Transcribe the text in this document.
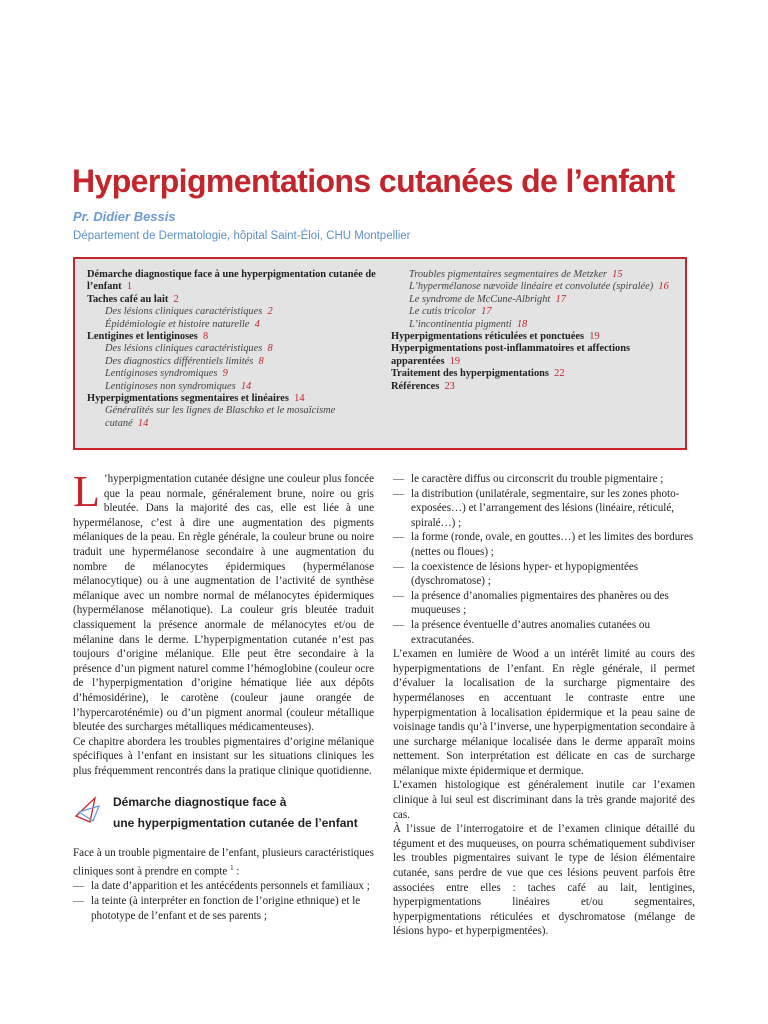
Hyperpigmentations cutanées de l’enfant
Pr. Didier Bessis
Département de Dermatologie, hôpital Saint-Éloi, CHU Montpellier
Démarche diagnostique face à une hyperpigmentation cutanée de l’enfant 1
Taches café au lait 2
Des lésions cliniques caractéristiques 2
Épidémiologie et histoire naturelle 4
Lentigines et lentiginoses 8
Des lésions cliniques caractéristiques 8
Des diagnostics différentiels limités 8
Lentiginoses syndromiques 9
Lentiginoses non syndromiques 14
Hyperpigmentations segmentaires et linéaires 14
Généralités sur les lignes de Blaschko et le mosaïcisme cutané 14
Troubles pigmentaires segmentaires de Metzker 15
L’hypermélanose nævoïde linéaire et convolutée (spiralée) 16
Le syndrome de McCune-Albright 17
Le cutis tricolor 17
L’incontinentia pigmenti 18
Hyperpigmentations réticulées et ponctuées 19
Hyperpigmentations post-inflammatoires et affections apparentées 19
Traitement des hyperpigmentations 22
Références 23

L ’hyperpigmentation cutanée désigne une couleur plus foncée que la peau normale, généralement brune, noire ou gris bleutée. Dans la majorité des cas, elle est liée à une hypermélanose, c’est à dire une augmentation des pigments mélaniques de la peau. En règle générale, la couleur brune ou noire traduit une hypermélanose secondaire à une augmentation du nombre de mélanocytes épidermiques (hypermélanose mélanocytique) ou à une augmentation de l’activité de synthèse mélanique avec un nombre normal de mélanocytes épidermiques (hypermélanose mélanotique). La couleur gris bleutée traduit classiquement la présence anormale de mélanocytes et/ou de mélanine dans le derme. L’hyperpigmentation cutanée n’est pas toujours d’origine mélanique. Elle peut être secondaire à la présence d’un pigment naturel comme l’hémoglobine (couleur ocre de l’hyperpigmentation d’origine hématique liée aux dépôts d’hémosidérine), le carotène (couleur jaune orangée de l’hypercaroténémie) ou d’un pigment anormal (couleur métallique bleutée des surcharges métalliques médicamenteuses).

Ce chapitre abordera les troubles pigmentaires d’origine mélanique spécifiques à l’enfant en insistant sur les situations cliniques les plus fréquemment rencontrés dans la pratique clinique quotidienne.

Démarche diagnostique face à
une hyperpigmentation cutanée de l’enfant

Face à un trouble pigmentaire de l’enfant, plusieurs caractéristiques cliniques sont à prendre en compte $^1$ :

— la date d’apparition et les antécédents personnels et familiaux ;
— la teinte (à interpréter en fonction de l’origine ethnique) et le phototype de l’enfant et de ses parents ;
— le caractère diffus ou circonscrit du trouble pigmentaire ;
— la distribution (unilatérale, segmentaire, sur les zones photo-exposées…) et l’arrangement des lésions (linéaire, réticulé, spiralé…) ;
— la forme (ronde, ovale, en gouttes…) et les limites des bordures (nettes ou floues) ;
— la coexistence de lésions hyper- et hypopigmentées (dyschromatose) ;
— la présence d’anomalies pigmentaires des phanères ou des muqueuses ;
— la présence éventuelle d’autres anomalies cutanées ou extracutanées.

L’examen en lumière de Wood a un intérêt limité au cours des hyperpigmentations de l’enfant. En règle générale, il permet d’évaluer la localisation de la surcharge pigmentaire des hypermélanoses en accentuant le contraste entre une hyperpigmentation à localisation épidermique et la peau saine de voisinage tandis qu’à l’inverse, une hyperpigmentation secondaire à une surcharge mélanique localisée dans le derme apparaît moins nettement. Son interprétation est délicate en cas de surcharge mélanique mixte épidermique et dermique.

L’examen histologique est généralement inutile car l’examen clinique à lui seul est discriminant dans la très grande majorité des cas.

À l’issue de l’interrogatoire et de l’examen clinique détaillé du tégument et des muqueuses, on pourra schématiquement subdiviser les troubles pigmentaires suivant le type de lésion élémentaire cutanée, sans perdre de vue que ces lésions peuvent parfois être associées entre elles : taches café au lait, lentigines, hyperpigmentations linéaires et/ou segmentaires, hyperpigmentations réticulées et dyschromatose (mélange de lésions hypo- et hyperpigmentées).
